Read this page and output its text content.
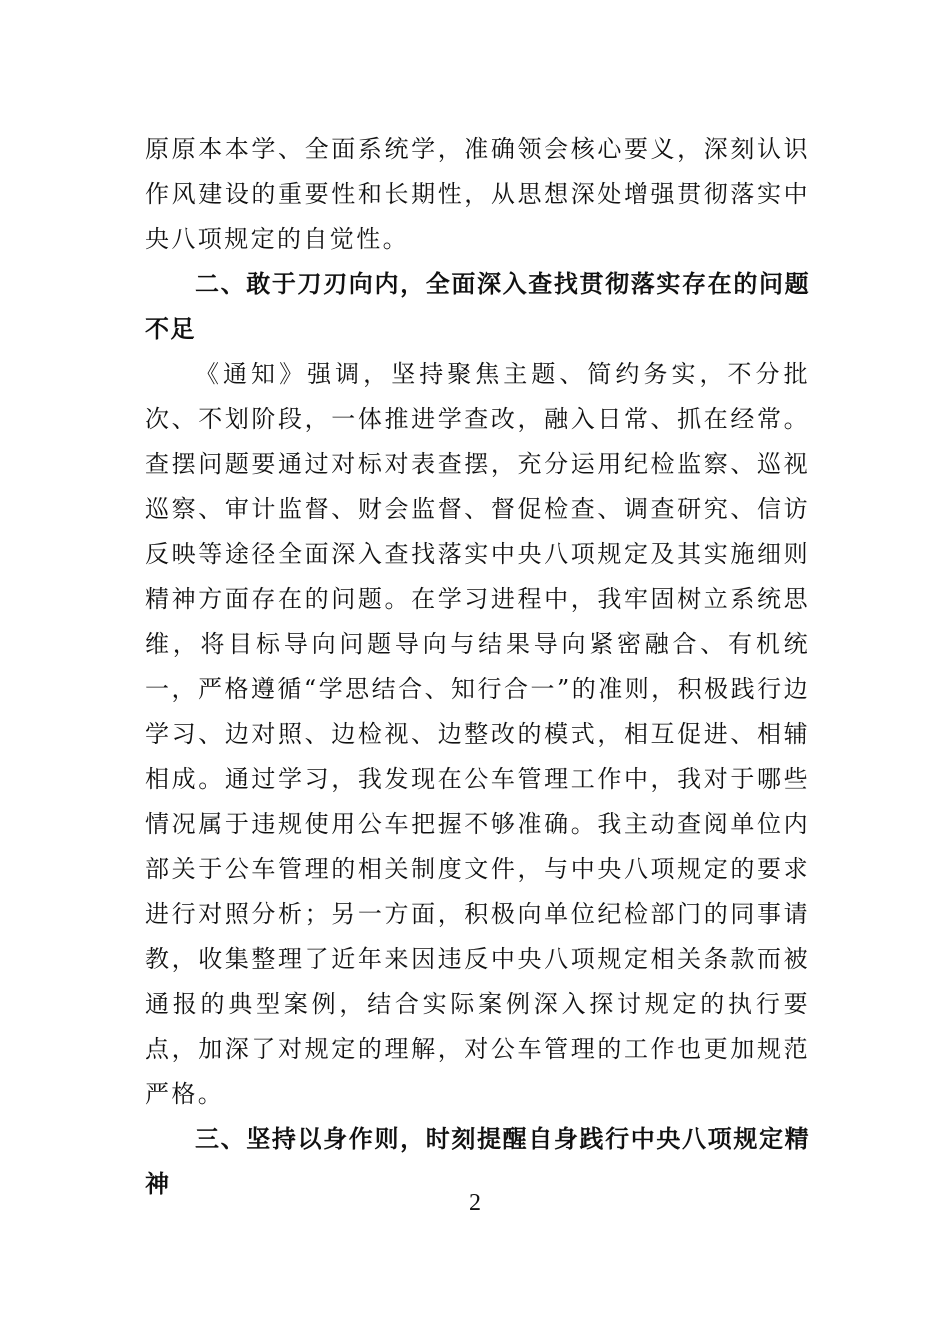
原原本本学、全面系统学，准确领会核心要义，深刻认识作风建设的重要性和长期性，从思想深处增强贯彻落实中央八项规定的自觉性。

二、敢于刀刃向内，全面深入查找贯彻落实存在的问题不足

《通知》强调，坚持聚焦主题、简约务实，不分批次、不划阶段，一体推进学查改，融入日常、抓在经常。查摆问题要通过对标对表查摆，充分运用纪检监察、巡视巡察、审计监督、财会监督、督促检查、调查研究、信访反映等途径全面深入查找落实中央八项规定及其实施细则精神方面存在的问题。在学习进程中，我牢固树立系统思维，将目标导向问题导向与结果导向紧密融合、有机统一，严格遵循“学思结合、知行合一”的准则，积极践行边学习、边对照、边检视、边整改的模式，相互促进、相辅相成。通过学习，我发现在公车管理工作中，我对于哪些情况属于违规使用公车把握不够准确。我主动查阅单位内部关于公车管理的相关制度文件，与中央八项规定的要求进行对照分析；另一方面，积极向单位纪检部门的同事请教，收集整理了近年来因违反中央八项规定相关条款而被通报的典型案例，结合实际案例深入探讨规定的执行要点，加深了对规定的理解，对公车管理的工作也更加规范严格。

三、坚持以身作则，时刻提醒自身践行中央八项规定精神

2
